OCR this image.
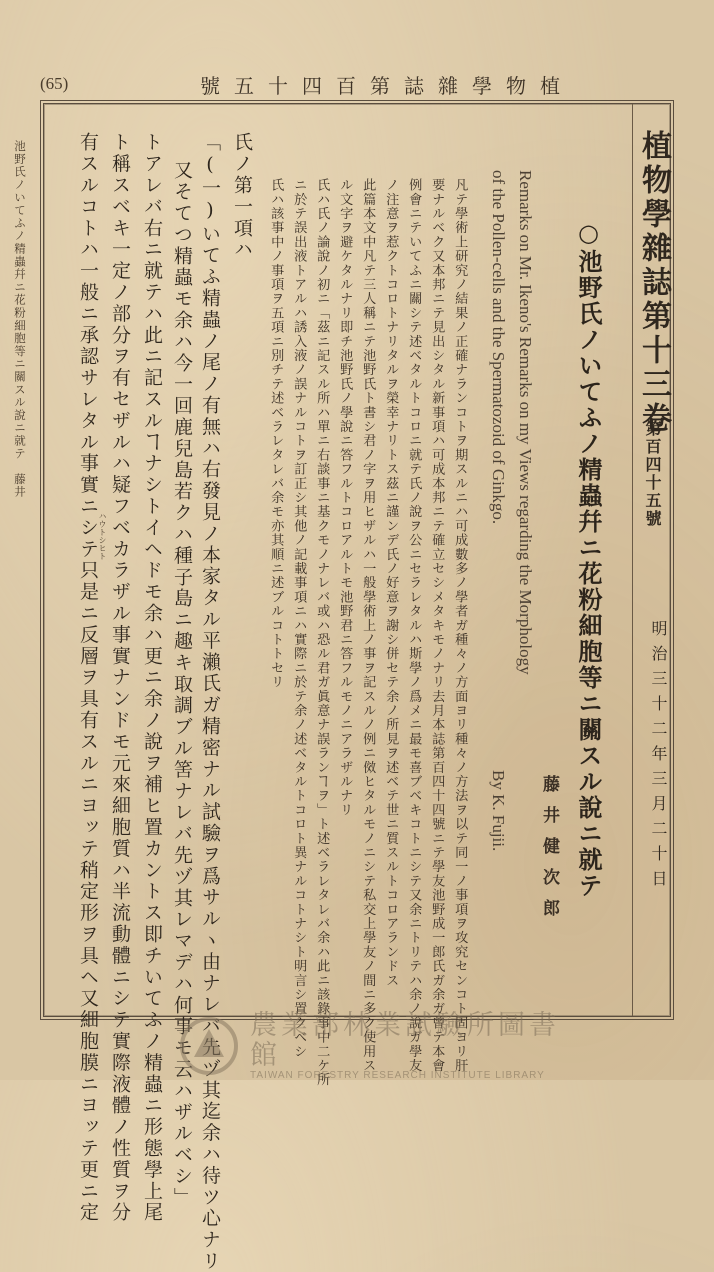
(65)	植物學雜誌第百四十五號
植物學雜誌第十三卷
第百四十五號
明治三十二年三月二十日
○池野氏ノいてふノ精蟲幷ニ花粉細胞等ニ關スル說ニ就テ
Remarks on Mr. Ikeno's Remarks on my Views regarding the Morphology
of the Pollen-cells and the Spermatozoid of Ginkgo.
By K. Fujii. 藤井健次郎
凡テ學術上研究ノ結果ノ正確ナランコトヲ期スルニハ可成數多ノ學者ガ種々ノ方面ヨリ種々ノ方法ヲ以テ同一ノ事項ヲ攻究センコト固ヨリ肝
要ナルベク又本邦ニテ見出シタル新事項ハ可成本邦ニテ確立セシメタキモノナリ去月本誌第百四十四號ニテ學友池野成一郎氏ガ余ガ曾テ本會
例會ニテいてふニ關シテ述ベタルトコロニ就テ氏ノ說ヲ公ニセラレタルハ斯學ノ爲メニ最モ喜ブベキコトニシテ又余ニトリテハ余ノ說ガ學友
ノ注意ヲ惹クトコロトナリタルヲ榮幸ナリトス茲ニ謹ンデ氏ノ好意ヲ謝シ併セテ余ノ所見ヲ述ベテ世ニ質スルトコロアランドス
此篇本文中凡テ三人稱ニテ池野氏ト書シ君ノ字ヲ用ヒザルハ一般學術上ノ事ヲ記スルノ例ニ傚ヒタルモノニシテ私交上學友ノ間ニ多ク使用ス
ル文字ヲ避ケタルナリ即チ池野氏ノ學說ニ答フルトコロアルトモ池野君ニ答フルモノニアラザルナリ
氏ハ氏ノ論說ノ初ニ「茲ニ記スル所ハ單ニ右談事ニ基クモノナレバ或ハ恐ル君ガ眞意ナ誤ランヿヲ」ト述ベラレタレバ余ハ此ニ該錄事中二ケ所
ニ於テ誤出液トアルハ誘入液ノ誤ナルコトヲ訂正シ其他ノ記載事項ニハ實際ニ於テ余ノ述ベタルトコロト異ナルコトナシト明言シ置クベシ
氏ハ該事中ノ事項ヲ五項ニ別チテ述ベラレタレバ余モ亦其順ニ述ブルコトトセリ
氏ノ第一項ハ
「(一)いてふ精蟲ノ尾ノ有無ハ右發見ノ本家タル平瀨氏ガ精密ナル試驗ヲ爲サルヽ由ナレバ先ヅ其迄余ハ待ツ心ナリ
又そてつ精蟲モ余ハ今一回鹿兒島若クハ種子島ニ趣キ取調ブル筈ナレバ先ヅ其レマデハ何事モ云ハザルベシ」
トアレバ右ニ就テハ此ニ記スルヿナシトイヘドモ余ハ更ニ余ノ說ヲ補ヒ置カントス即チいてふノ精蟲ニ形態學上尾
ト稱スベキ一定ノ部分ヲ有セザルハ疑フベカラザル事實ナンドモ元來細胞質ハ半流動體ニシテ實際液體ノ性質ヲ分
有スルコトハ一般ニ承認サレタル事實ニシテ只是ニ反層ヲ具有スルニヨッテ稍定形ヲ具ヘ又細胞膜ニヨッテ更ニ定 ハウトシヒト
池野氏ノいてふノ精蟲幷ニ花粉細胞等ニ關スル說ニ就テ　藤井
農業部林業試驗所圖書館
TAIWAN FORESTRY RESEARCH INSTITUTE LIBRARY
